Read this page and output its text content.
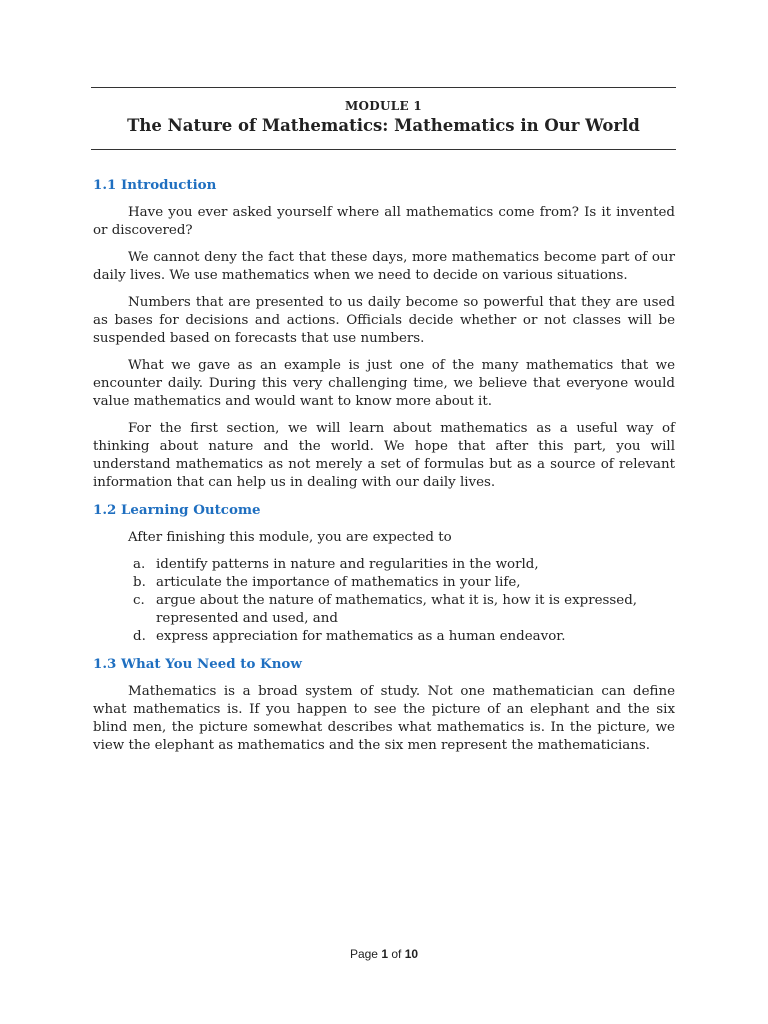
MODULE 1
The Nature of Mathematics: Mathematics in Our World
1.1 Introduction

Have you ever asked yourself where all mathematics come from? Is it invented or discovered?

We cannot deny the fact that these days, more mathematics become part of our daily lives. We use mathematics when we need to decide on various situations.

Numbers that are presented to us daily become so powerful that they are used as bases for decisions and actions. Officials decide whether or not classes will be suspended based on forecasts that use numbers.

What we gave as an example is just one of the many mathematics that we encounter daily. During this very challenging time, we believe that everyone would value mathematics and would want to know more about it.

For the first section, we will learn about mathematics as a useful way of thinking about nature and the world. We hope that after this part, you will understand mathematics as not merely a set of formulas but as a source of relevant information that can help us in dealing with our daily lives.

1.2 Learning Outcome

After finishing this module, you are expected to

a. identify patterns in nature and regularities in the world,
b. articulate the importance of mathematics in your life,
c. argue about the nature of mathematics, what it is, how it is expressed, represented and used, and
d. express appreciation for mathematics as a human endeavor.
1.3 What You Need to Know

Mathematics is a broad system of study. Not one mathematician can define what mathematics is. If you happen to see the picture of an elephant and the six blind men, the picture somewhat describes what mathematics is. In the picture, we view the elephant as mathematics and the six men represent the mathematicians.

Page 1 of 10
